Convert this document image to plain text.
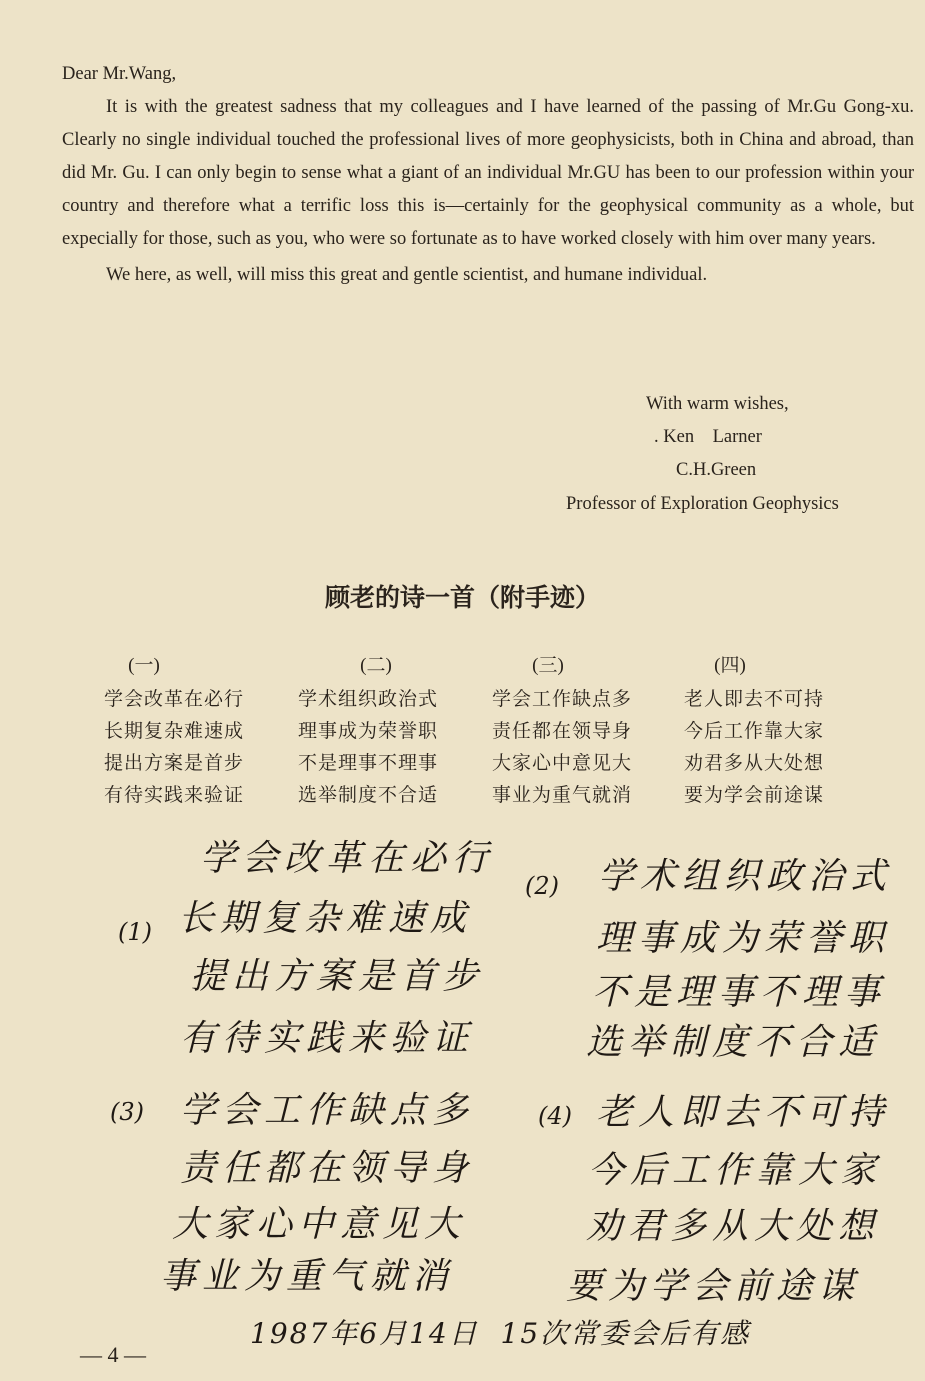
Dear Mr.Wang,

It is with the greatest sadness that my colleagues and I have learned of the passing of Mr.Gu Gong-xu. Clearly no single individual touched the professional lives of more geophysicists, both in China and abroad, than did Mr. Gu. I can only begin to sense what a giant of an individual Mr.GU has been to our profession within your country and therefore what a terrific loss this is—certainly for the geophysical community as a whole, but expecially for those, such as you, who were so fortunate as to have worked closely with him over many years.

We here, as well, will miss this great and gentle scientist, and humane individual.

With warm wishes,
. Ken    Larner
C.H.Green
Professor of Exploration Geophysics
顾老的诗一首（附手迹）
(一)
学会改革在必行
长期复杂难速成
提出方案是首步
有待实践来验证
(二)
学术组织政治式
理事成为荣誉职
不是理事不理事
选举制度不合适
(三)
学会工作缺点多
责任都在领导身
大家心中意见大
事业为重气就消
(四)
老人即去不可持
今后工作靠大家
劝君多从大处想
要为学会前途谋
(1)
学会改革在必行
长期复杂难速成
提出方案是首步
有待实践来验证
(2) 学术组织政治式
理事成为荣誉职
不是理事不理事
选举制度不合适
(3) 学会工作缺点多
责任都在领导身
大家心中意见大
事业为重气就消
(4) 老人即去不可持
今后工作靠大家
劝君多从大处想
要为学会前途谋
1987年6月14日  15次常委会后有感
— 4 —
